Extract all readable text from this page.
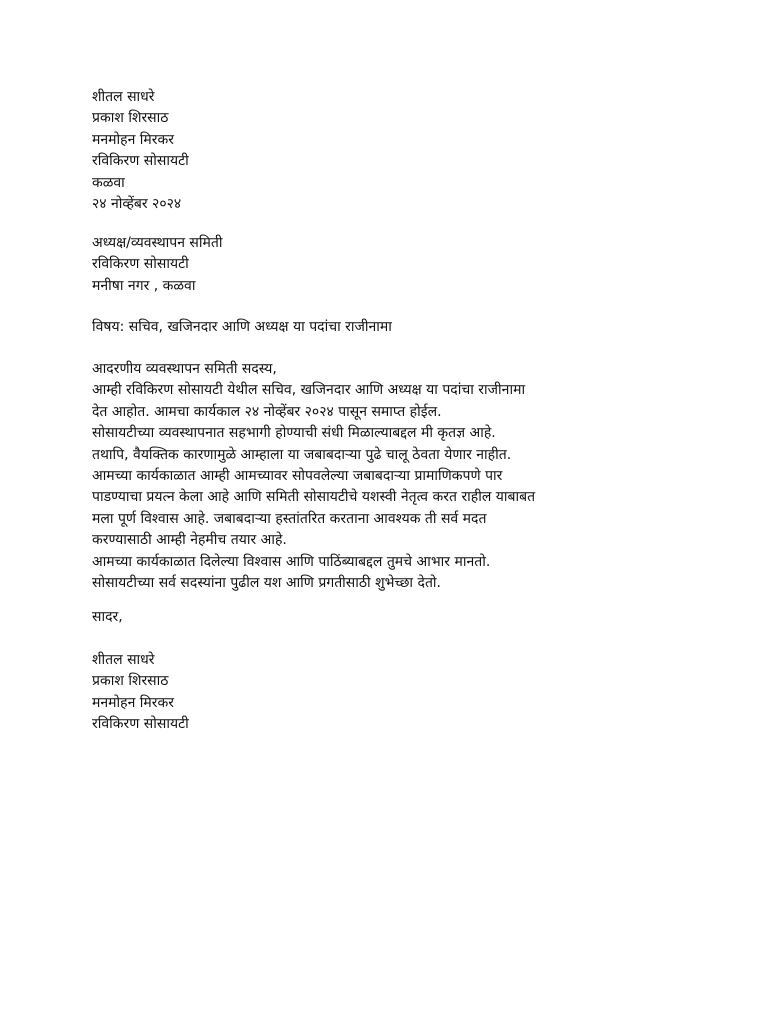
शीतल साधरे
प्रकाश शिरसाठ
मनमोहन मिरकर
रविकिरण सोसायटी
कळवा
२४ नोव्हेंबर २०२४
अध्यक्ष/व्यवस्थापन समिती
रविकिरण सोसायटी
मनीषा नगर , कळवा
विषय: सचिव, खजिनदार आणि अध्यक्ष या पदांचा राजीनामा
आदरणीय व्यवस्थापन समिती सदस्य,
आम्ही रविकिरण सोसायटी येथील सचिव, खजिनदार आणि अध्यक्ष या पदांचा राजीनामा
देत आहोत. आमचा कार्यकाल २४ नोव्हेंबर २०२४ पासून समाप्त होईल.
सोसायटीच्या व्यवस्थापनात सहभागी होण्याची संधी मिळाल्याबद्दल मी कृतज्ञ आहे.
तथापि, वैयक्तिक कारणामुळे आम्हाला या जबाबदाऱ्या पुढे चालू ठेवता येणार नाहीत.
आमच्या कार्यकाळात आम्ही आमच्यावर सोपवलेल्या जबाबदाऱ्या प्रामाणिकपणे पार
पाडण्याचा प्रयत्न केला आहे आणि समिती सोसायटीचे यशस्वी नेतृत्व करत राहील याबाबत
मला पूर्ण विश्वास आहे. जबाबदाऱ्या हस्तांतरित करताना आवश्यक ती सर्व मदत
करण्यासाठी आम्ही नेहमीच तयार आहे.
आमच्या कार्यकाळात दिलेल्या विश्वास आणि पाठिंब्याबद्दल तुमचे आभार मानतो.
सोसायटीच्या सर्व सदस्यांना पुढील यश आणि प्रगतीसाठी शुभेच्छा देतो.
सादर,
शीतल साधरे
प्रकाश शिरसाठ
मनमोहन मिरकर
रविकिरण सोसायटी
